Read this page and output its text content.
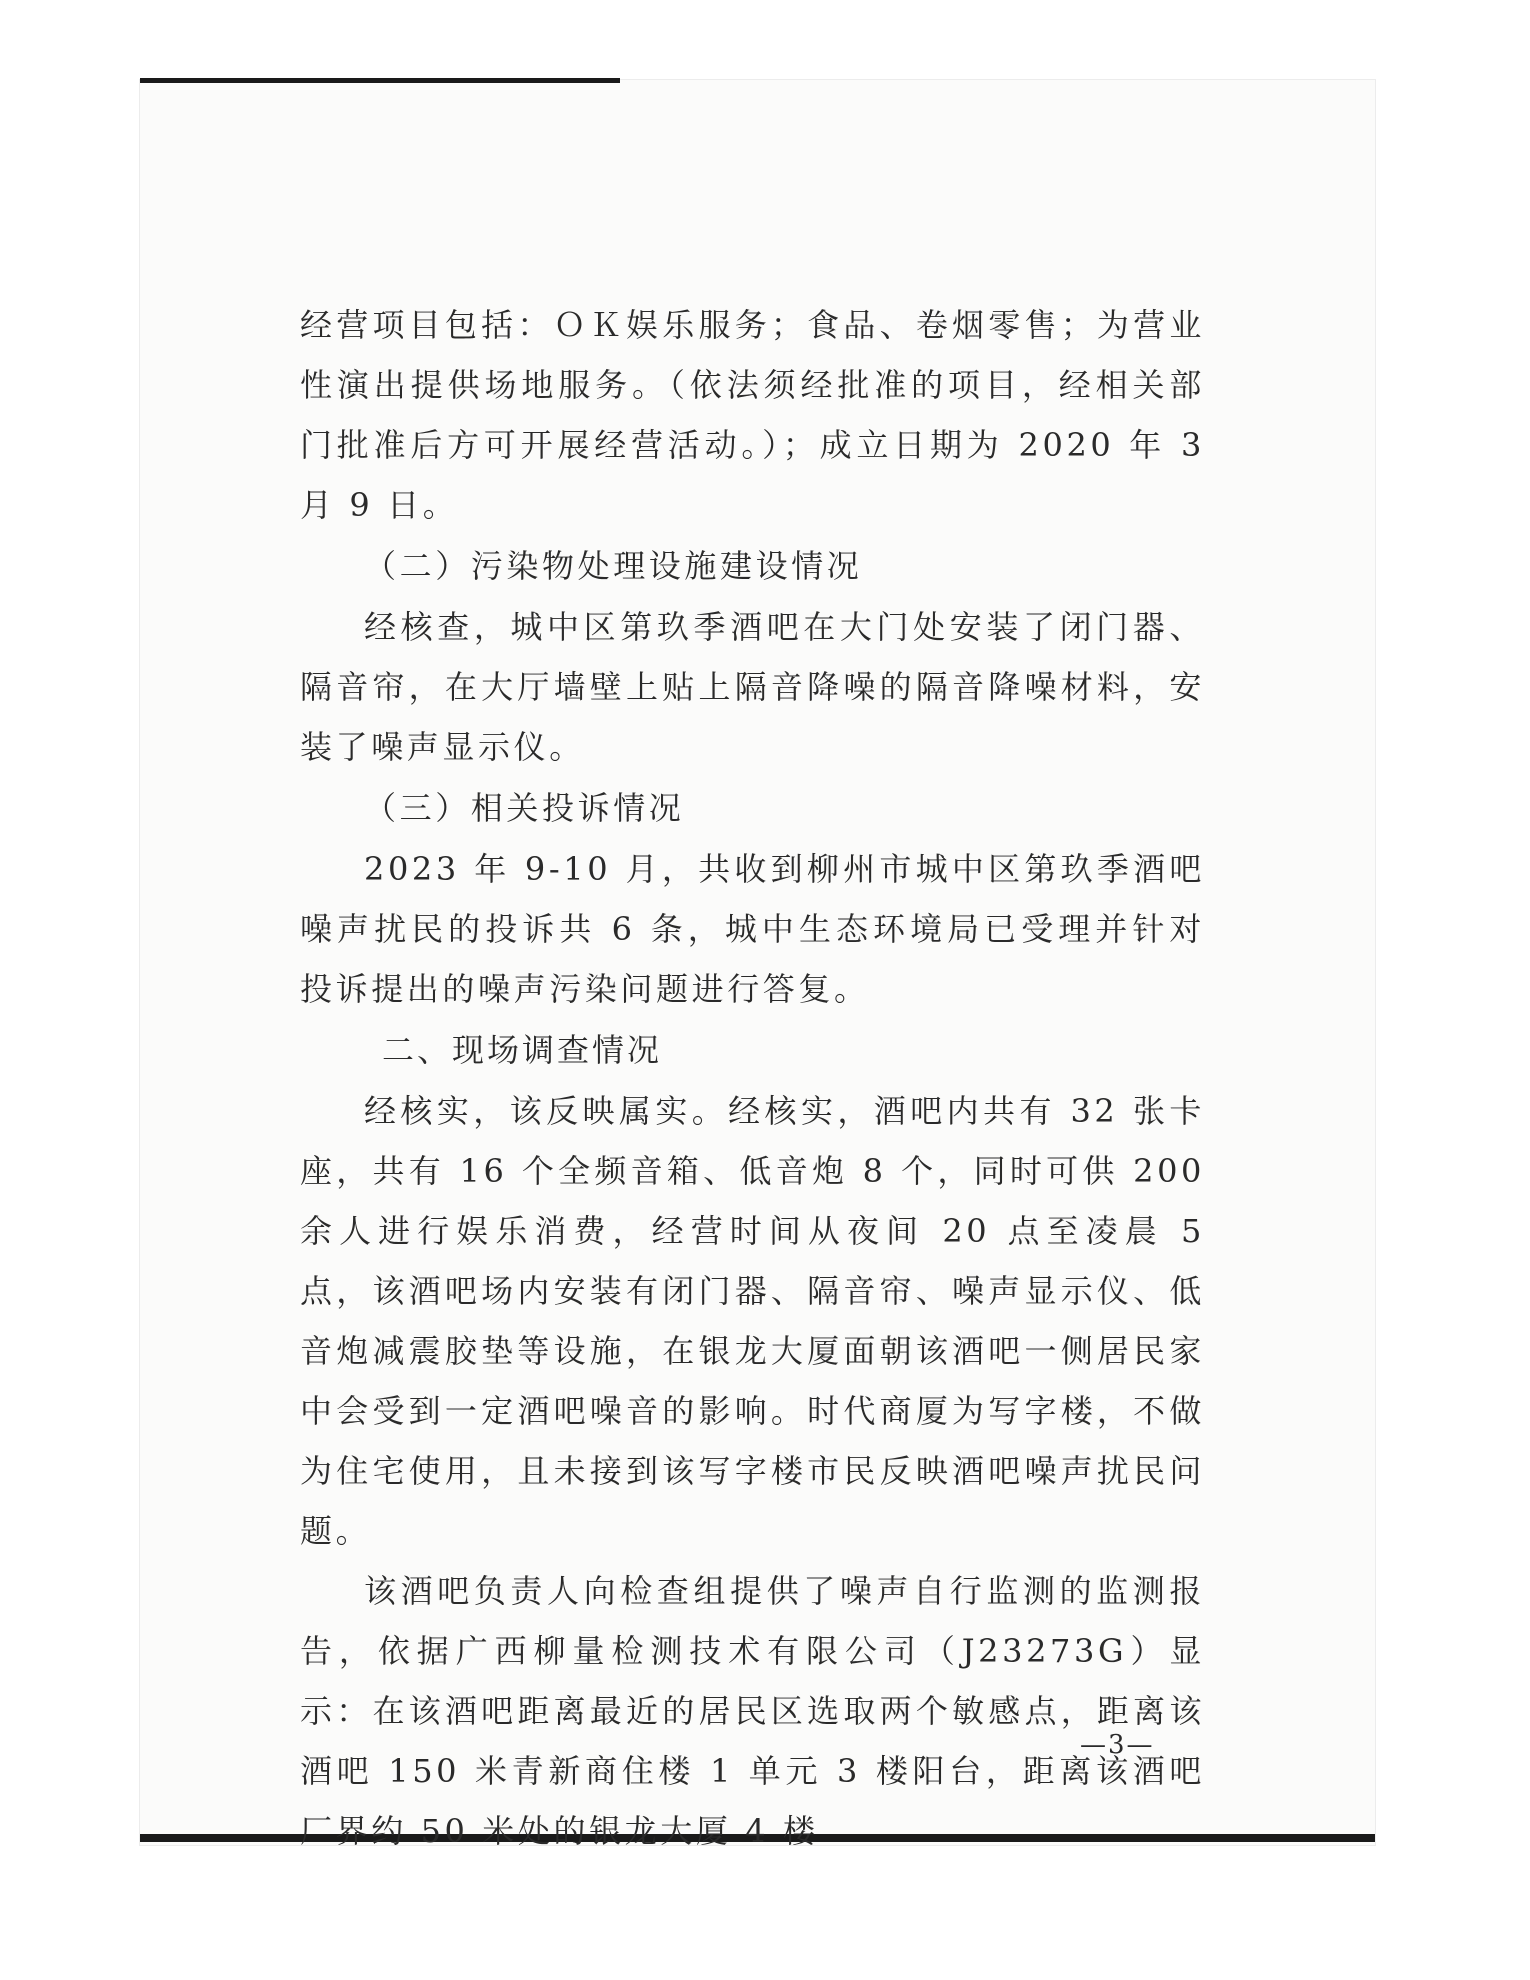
经营项目包括：ＯＫ娱乐服务；食品、卷烟零售；为营业性演出提供场地服务。（依法须经批准的项目，经相关部门批准后方可开展经营活动。）；成立日期为 2020 年 3 月 9 日。

（二）污染物处理设施建设情况

经核查，城中区第玖季酒吧在大门处安装了闭门器、隔音帘，在大厅墙壁上贴上隔音降噪的隔音降噪材料，安装了噪声显示仪。

（三）相关投诉情况

2023 年 9-10 月，共收到柳州市城中区第玖季酒吧噪声扰民的投诉共 6 条，城中生态环境局已受理并针对投诉提出的噪声污染问题进行答复。

二、现场调查情况

经核实，该反映属实。经核实，酒吧内共有 32 张卡座，共有 16 个全频音箱、低音炮 8 个，同时可供 200 余人进行娱乐消费，经营时间从夜间 20 点至凌晨 5 点，该酒吧场内安装有闭门器、隔音帘、噪声显示仪、低音炮减震胶垫等设施，在银龙大厦面朝该酒吧一侧居民家中会受到一定酒吧噪音的影响。时代商厦为写字楼，不做为住宅使用，且未接到该写字楼市民反映酒吧噪声扰民问题。

该酒吧负责人向检查组提供了噪声自行监测的监测报告，依据广西柳量检测技术有限公司（J23273G）显示：在该酒吧距离最近的居民区选取两个敏感点，距离该酒吧 150 米青新商住楼 1 单元 3 楼阳台，距离该酒吧厂界约 50 米处的银龙大厦 4 楼

—3—
